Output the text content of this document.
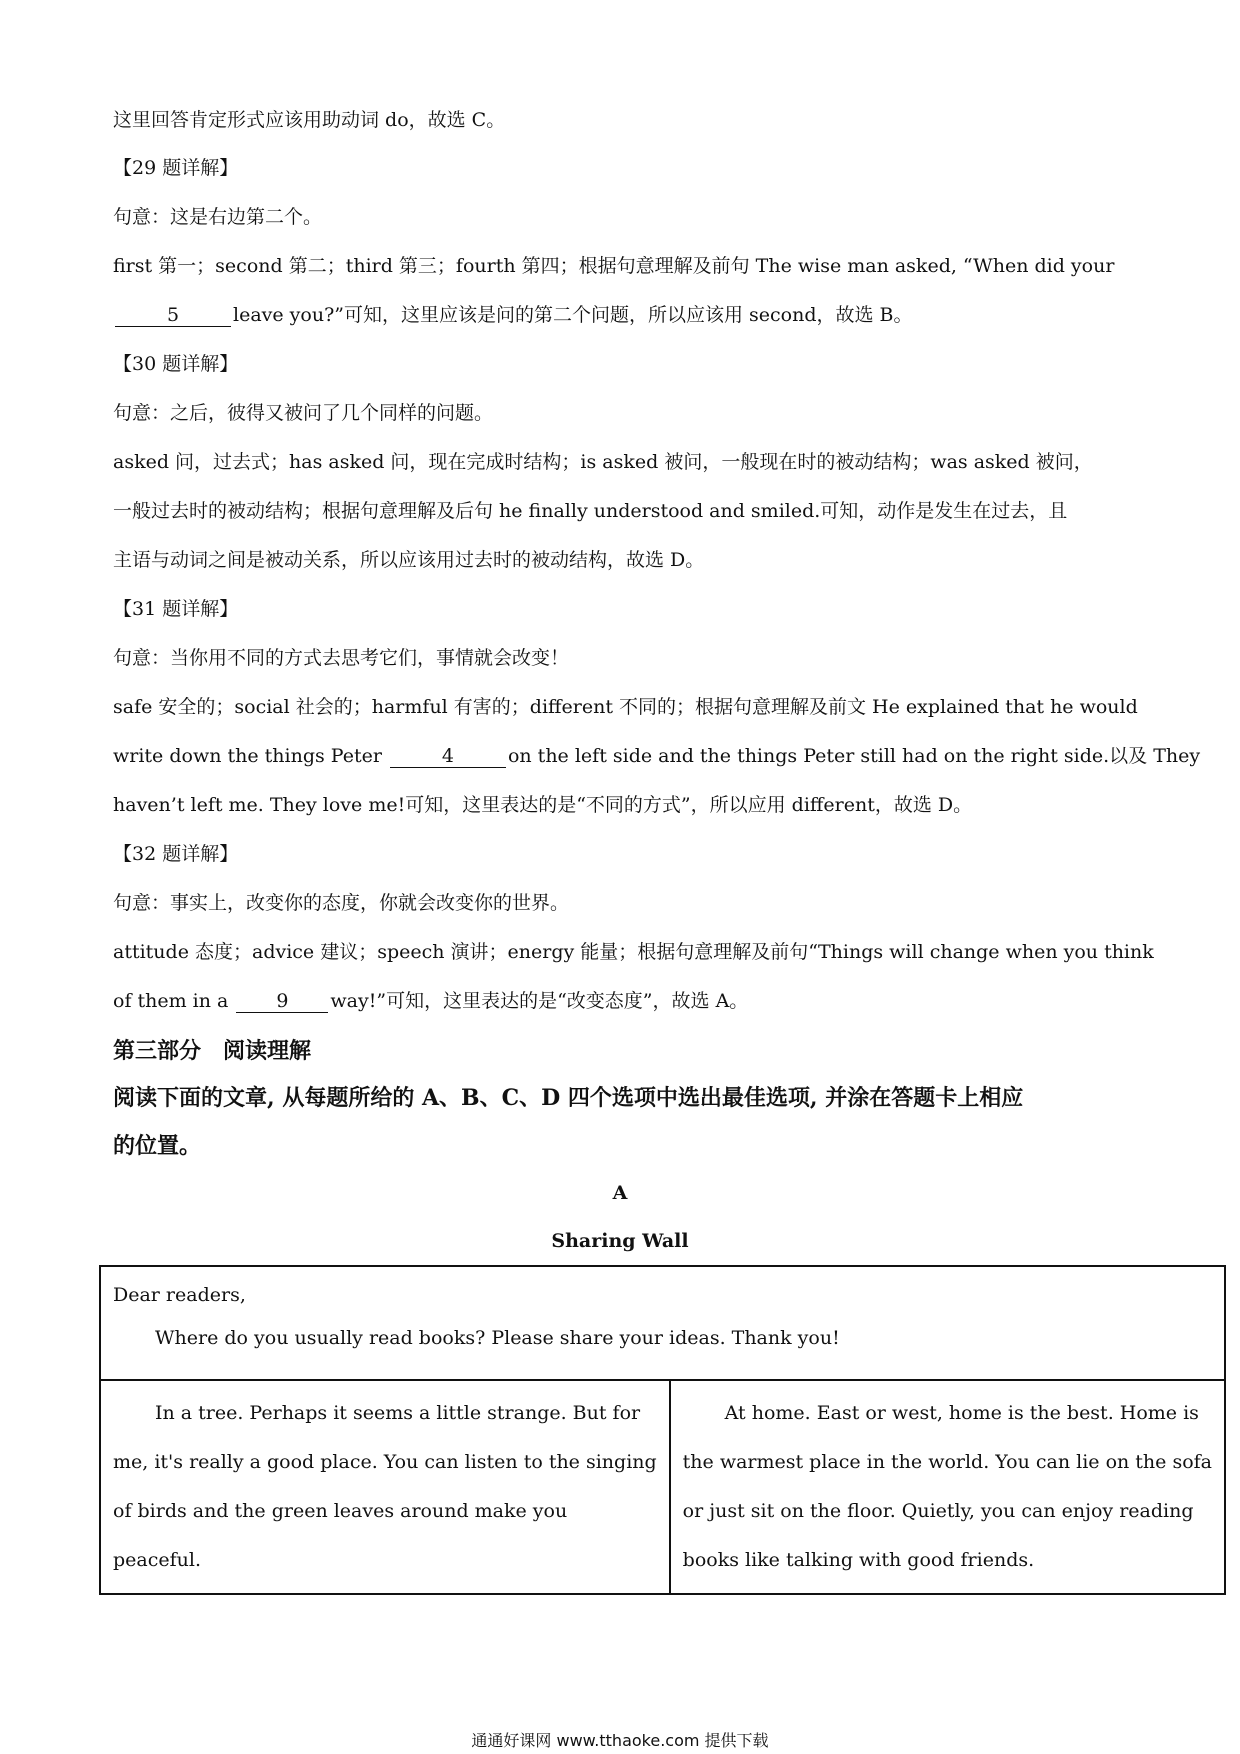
这里回答肯定形式应该用助动词 do，故选 C。
【29 题详解】
句意：这是右边第二个。
first 第一；second 第二；third 第三；fourth 第四；根据句意理解及前句 The wise man asked, “When did your
5	leave you?”可知，这里应该是问的第二个问题，所以应该用 second，故选 B。
【30 题详解】
句意：之后，彼得又被问了几个同样的问题。
asked 问，过去式；has asked 问，现在完成时结构；is asked 被问，一般现在时的被动结构；was asked 被问，
一般过去时的被动结构；根据句意理解及后句 he finally understood and smiled.可知，动作是发生在过去，且
主语与动词之间是被动关系，所以应该用过去时的被动结构，故选 D。
【31 题详解】
句意：当你用不同的方式去思考它们，事情就会改变！
safe 安全的；social 社会的；harmful 有害的；different 不同的；根据句意理解及前文 He explained that he would
write down the things Peter	4	on the left side and the things Peter still had on the right side.以及 They
haven’t left me. They love me!可知，这里表达的是“不同的方式”，所以应用 different，故选 D。
【32 题详解】
句意：事实上，改变你的态度，你就会改变你的世界。
attitude 态度；advice 建议；speech 演讲；energy 能量；根据句意理解及前句“Things will change when you think
of them in a	9 way!”可知，这里表达的是“改变态度”，故选 A。
第三部分　阅读理解
阅读下面的文章, 从每题所给的 A、B、C、D 四个选项中选出最佳选项, 并涂在答题卡上相应
的位置。
A
Sharing Wall
Dear readers,
Where do you usually read books? Please share your ideas. Thank you!

In a tree. Perhaps it seems a little strange. But for
me, it's really a good place. You can listen to the singing
of birds and the green leaves around make you
peaceful.

At home. East or west, home is the best. Home is
the warmest place in the world. You can lie on the sofa
or just sit on the floor. Quietly, you can enjoy reading
books like talking with good friends.
通通好课网 www.tthaoke.com 提供下载
